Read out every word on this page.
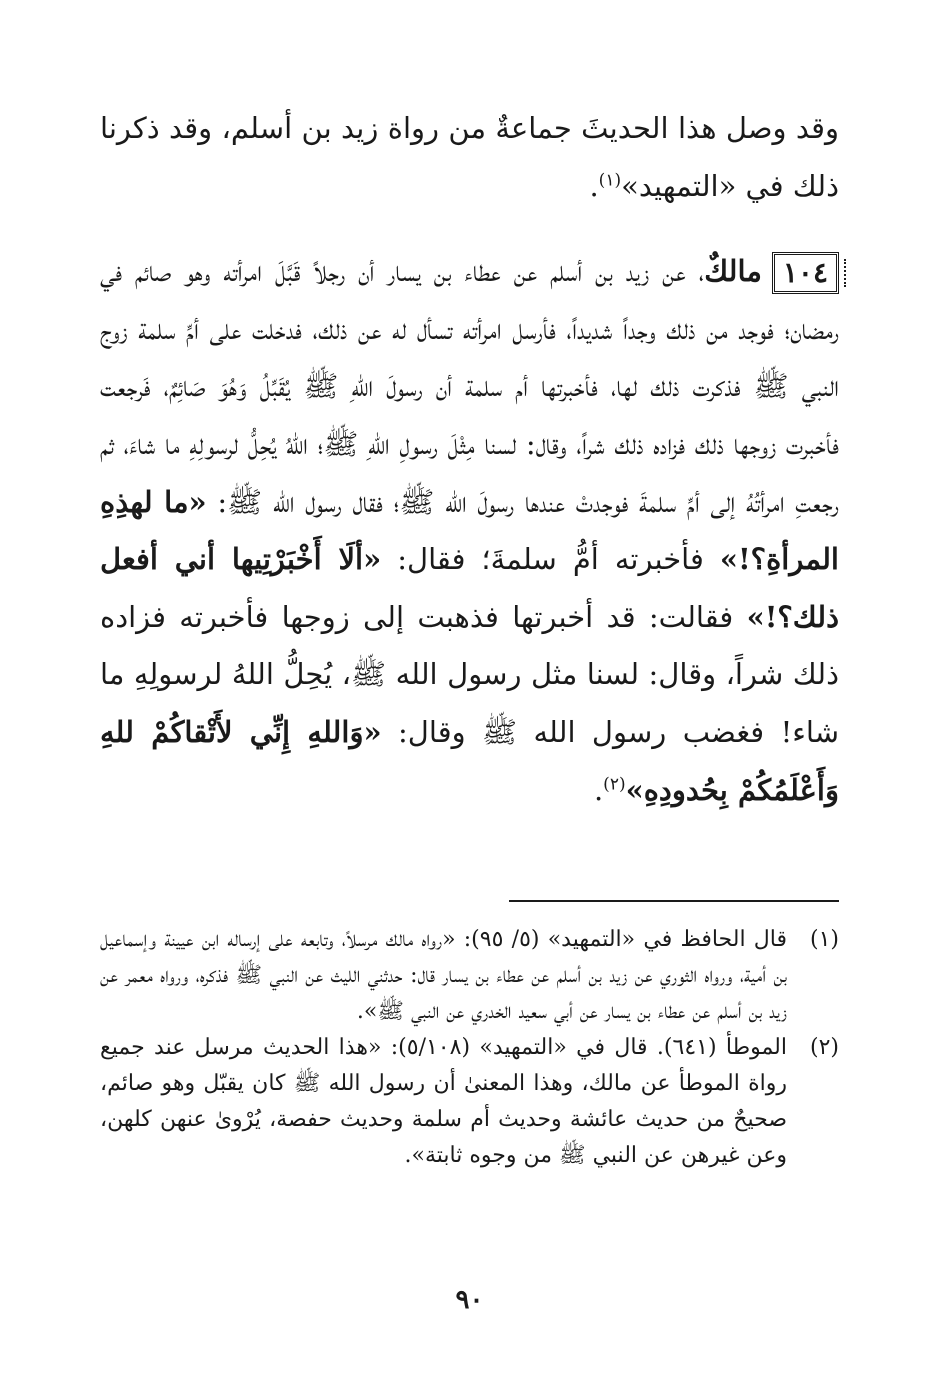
وقد وصل هذا الحديثَ جماعةٌ من رواة زيد بن أسلم، وقد ذكرنا ذلك في «التمهيد»$^{(١)}$.
١٠٤مالكٌ، عن زيد بن أسلم عن عطاء بن يسار أن رجلاً قَبَّلَ امرأته وهو صائم في رمضان؛ فوجد من ذلك وجداً شديداً، فأرسل امرأته تسأل له عن ذلك، فدخلت على أمِّ سلمة زوج النبي ﷺ فذكرت ذلك لها، فأخبرتها أم سلمة أن رسولَ اللهِ ﷺ يُقَبِّلُ وَهُوَ صَائِمٌ، فَرجعت فأخبرت زوجها ذلك فزاده ذلك شراً، وقال: لسنا مِثْلَ رسولِ اللهِ ﷺ؛ اللهُ يُحِلُّ لرسولِهِ ما شاءَ، ثم رجعتِ امرأتُهُ إلى أمِّ سلمةَ فوجدتْ عندها رسولَ الله ﷺ؛ فقال رسول الله ﷺ: «ما لهذِهِ المرأةِ؟!» فأخبرته أمُّ سلمةَ؛ فقال: «ألَا أَخْبَرْتِيها أني أفعل ذلك؟!» فقالت: قد أخبرتها فذهبت إلى زوجها فأخبرته فزاده ذلك شراً، وقال: لسنا مثل رسول الله ﷺ، يُحِلُّ اللهُ لرسولِهِ ما شاء! فغضب رسول الله ﷺ وقال: «وَاللهِ إِنِّي لأَتْقاكُمْ للهِ وَأَعْلَمُكُمْ بِحُدودِهِ»$^{(٢)}$.
(١)
قال الحافظ في «التمهيد» (٥/ ٩٥): «رواه مالك مرسلاً، وتابعه على إرساله ابن عيينة وإسماعيل بن أمية، ورواه الثوري عن زيد بن أسلم عن عطاء بن يسار قال: حدثني الليث عن النبي ﷺ فذكره، ورواه معمر عن زيد بن أسلم عن عطاء بن يسار عن أبي سعيد الخدري عن النبي ﷺ».
(٢)
الموطأ (٦٤١). قال في «التمهيد» (٥/١٠٨): «هذا الحديث مرسل عند جميع رواة الموطأ عن مالك، وهذا المعنىٰ أن رسول الله ﷺ كان يقبّل وهو صائم، صحيحٌ من حديث عائشة وحديث أم سلمة وحديث حفصة، يُرْوىٰ عنهن كلهن، وعن غيرهن عن النبي ﷺ من وجوه ثابتة».
٩٠
